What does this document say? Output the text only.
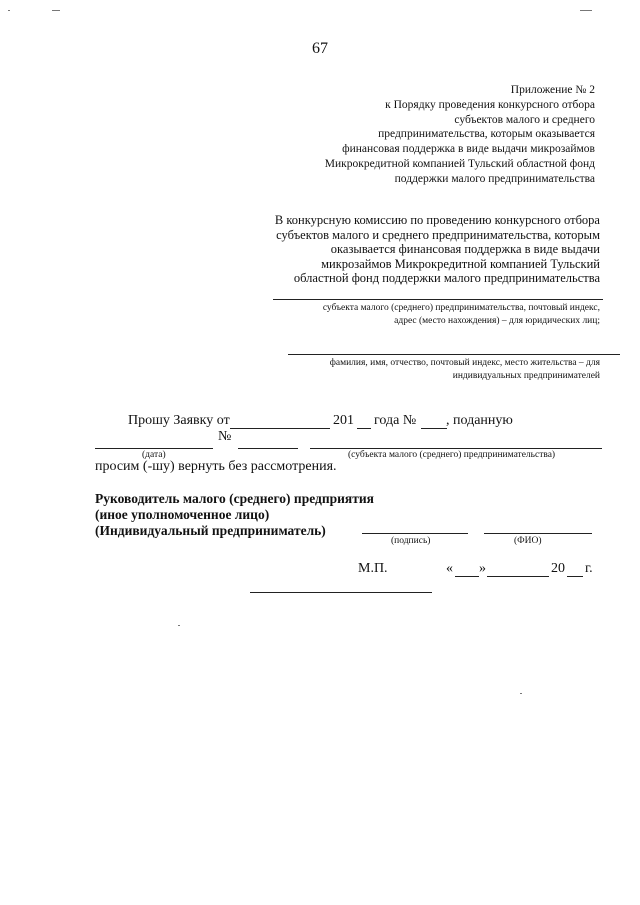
67
Приложение № 2
к Порядку проведения конкурсного отбора
субъектов малого и среднего
предпринимательства, которым оказывается
финансовая поддержка в виде выдачи микрозаймов
Микрокредитной компанией Тульский областной фонд
поддержки малого предпринимательства
В конкурсную комиссию по проведению конкурсного отбора
субъектов малого и среднего предпринимательства, которым
оказывается финансовая поддержка в виде выдачи
микрозаймов Микрокредитной компанией Тульский
областной фонд поддержки малого предпринимательства
субъекта малого (среднего) предпринимательства, почтовый индекс,
адрес (место нахождения) – для юридических лиц;
фамилия, имя, отчество, почтовый индекс, место жительства – для
индивидуальных предпринимателей
Прошу Заявку от	201 года № , поданную
№
(дата)	(субъекта малого (среднего) предпринимательства)
просим (-шу) вернуть без рассмотрения.
Руководитель малого (среднего) предприятия
(иное уполномоченное лицо)
(Индивидуальный предприниматель)
(подпись)	(ФИО)
М.П.	« »	20 г.
